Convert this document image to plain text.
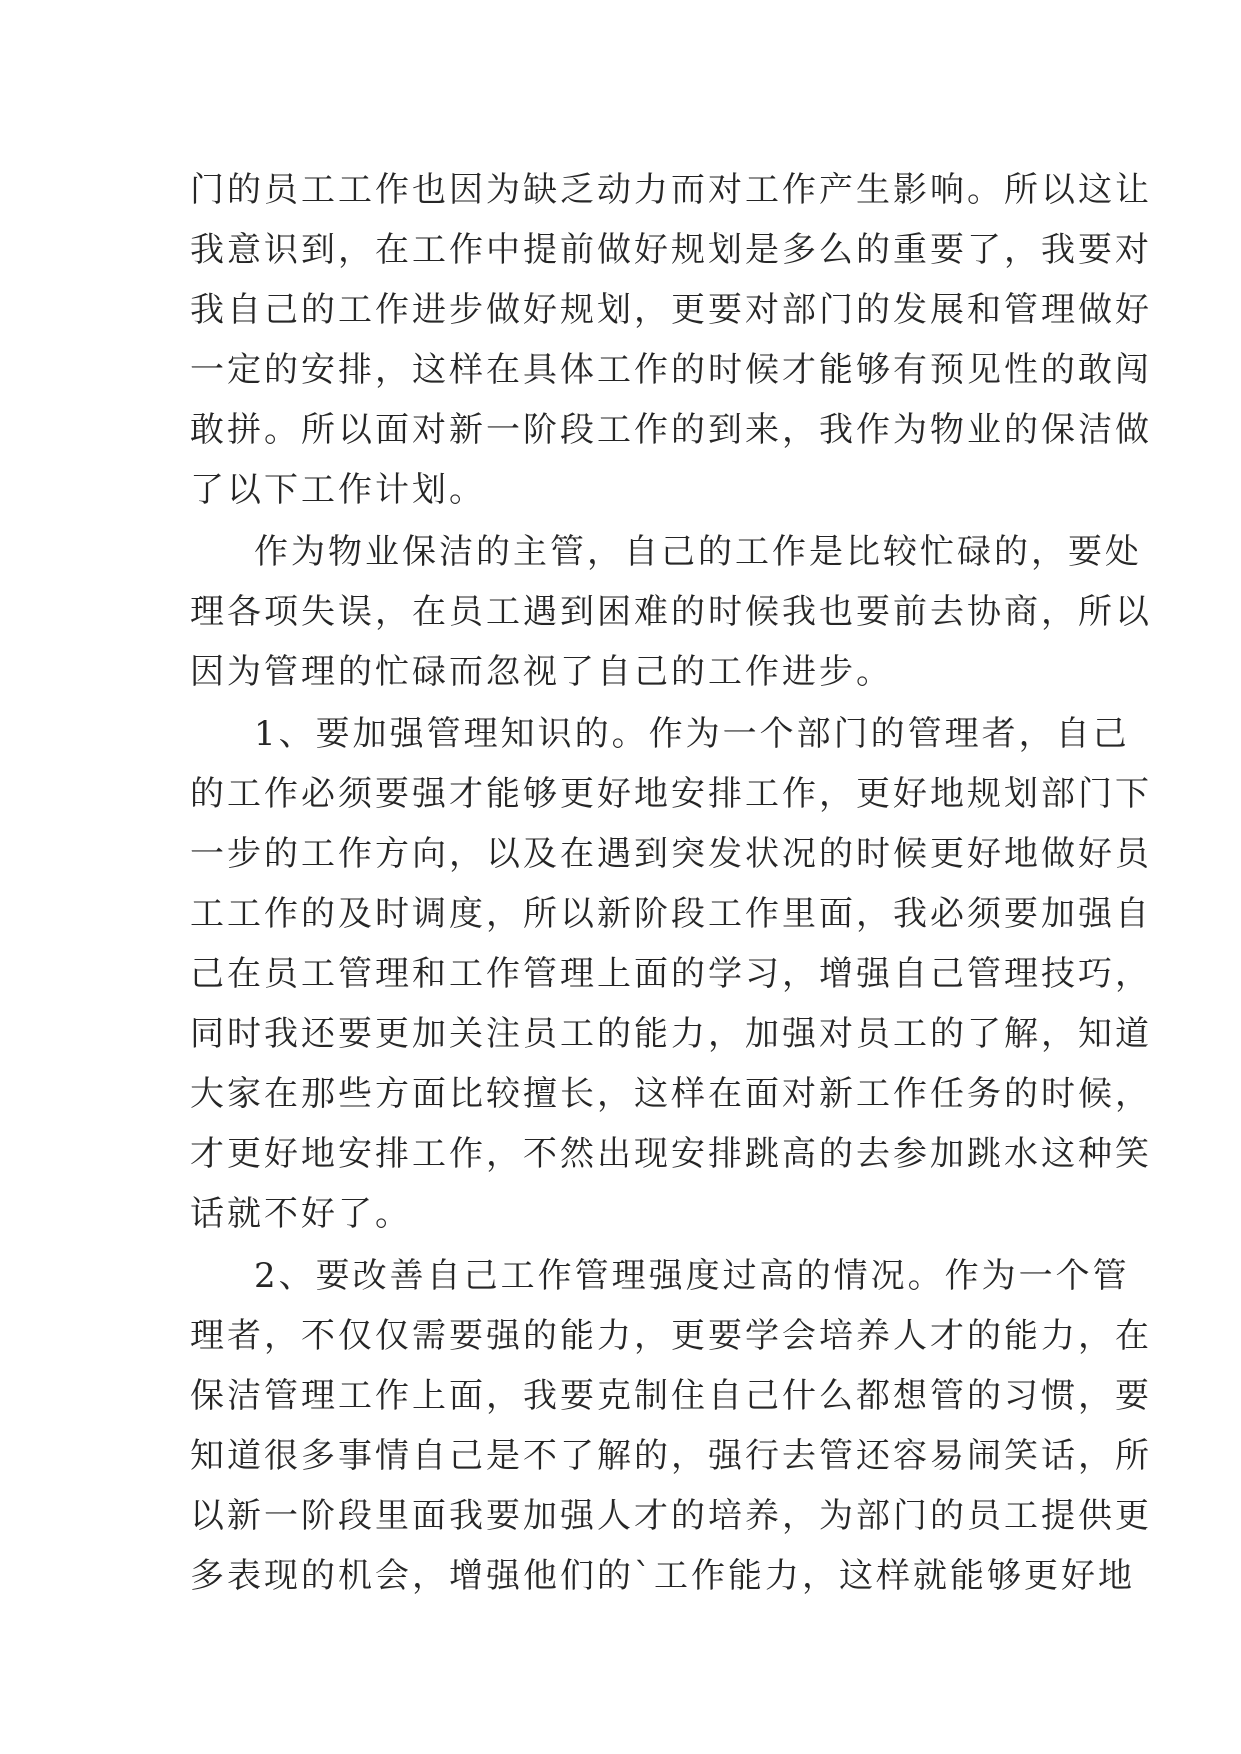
门的员工工作也因为缺乏动力而对工作产生影响。所以这让
我意识到，在工作中提前做好规划是多么的重要了，我要对
我自己的工作进步做好规划，更要对部门的发展和管理做好
一定的安排，这样在具体工作的时候才能够有预见性的敢闯
敢拼。所以面对新一阶段工作的到来，我作为物业的保洁做
了以下工作计划。
作为物业保洁的主管，自己的工作是比较忙碌的，要处
理各项失误，在员工遇到困难的时候我也要前去协商，所以
因为管理的忙碌而忽视了自己的工作进步。
1、要加强管理知识的。作为一个部门的管理者，自己
的工作必须要强才能够更好地安排工作，更好地规划部门下
一步的工作方向，以及在遇到突发状况的时候更好地做好员
工工作的及时调度，所以新阶段工作里面，我必须要加强自
己在员工管理和工作管理上面的学习，增强自己管理技巧，
同时我还要更加关注员工的能力，加强对员工的了解，知道
大家在那些方面比较擅长，这样在面对新工作任务的时候，
才更好地安排工作，不然出现安排跳高的去参加跳水这种笑
话就不好了。
2、要改善自己工作管理强度过高的情况。作为一个管
理者，不仅仅需要强的能力，更要学会培养人才的能力，在
保洁管理工作上面，我要克制住自己什么都想管的习惯，要
知道很多事情自己是不了解的，强行去管还容易闹笑话，所
以新一阶段里面我要加强人才的培养，为部门的员工提供更
多表现的机会，增强他们的`工作能力，这样就能够更好地
